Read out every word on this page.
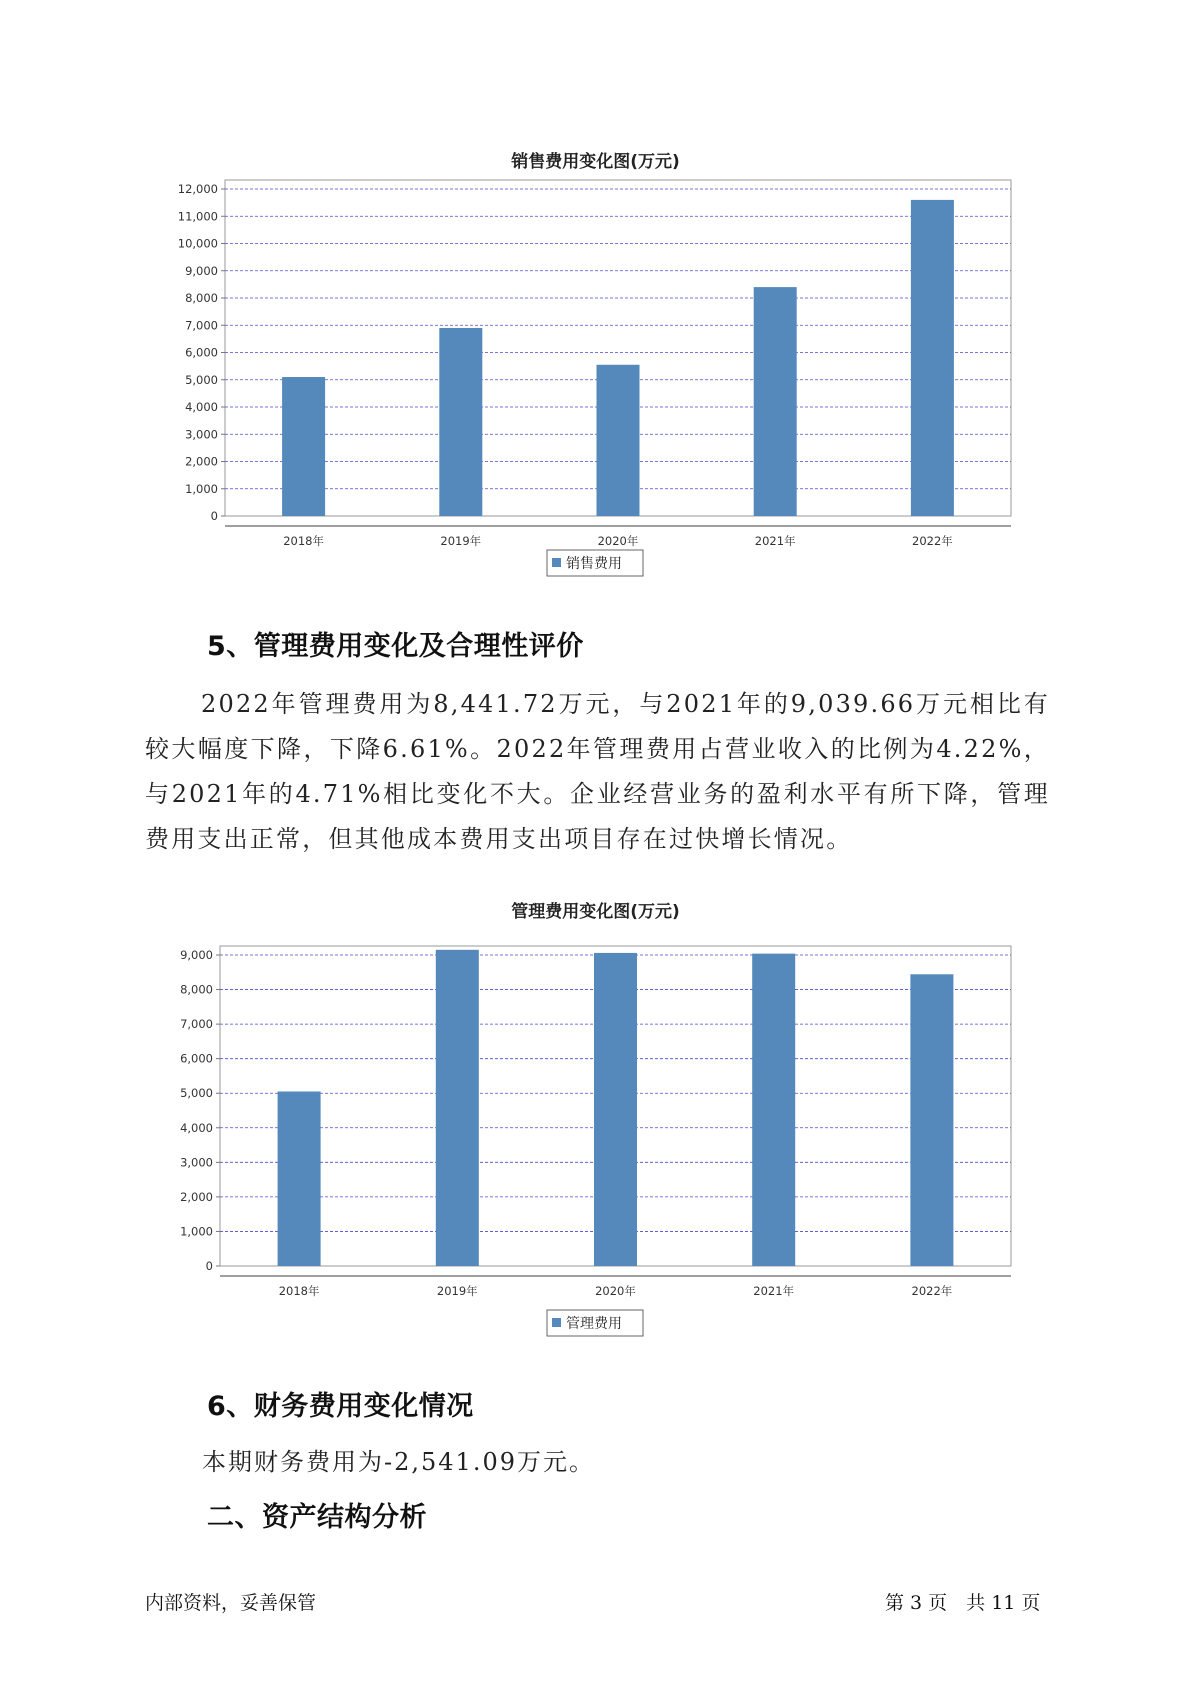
销售费用变化图(万元)
0
1,000
2,000
3,000
4,000
5,000
6,000
7,000
8,000
9,000
10,000
11,000
12,000
2018年	2019年	2020年	2021年	2022年
销售费用
5、管理费用变化及合理性评价
2022年管理费用为8,441.72万元，与2021年的9,039.66万元相比有较大幅度下降，下降6.61%。2022年管理费用占营业收入的比例为4.22%，与2021年的4.71%相比变化不大。企业经营业务的盈利水平有所下降，管理费用支出正常，但其他成本费用支出项目存在过快增长情况。
管理费用变化图(万元)
0
1,000
2,000
3,000
4,000
5,000
6,000
7,000
8,000
9,000
2018年	2019年	2020年	2021年	2022年
管理费用
6、财务费用变化情况
本期财务费用为-2,541.09万元。
二、资产结构分析
内部资料，妥善保管	第 3 页　共 11 页
